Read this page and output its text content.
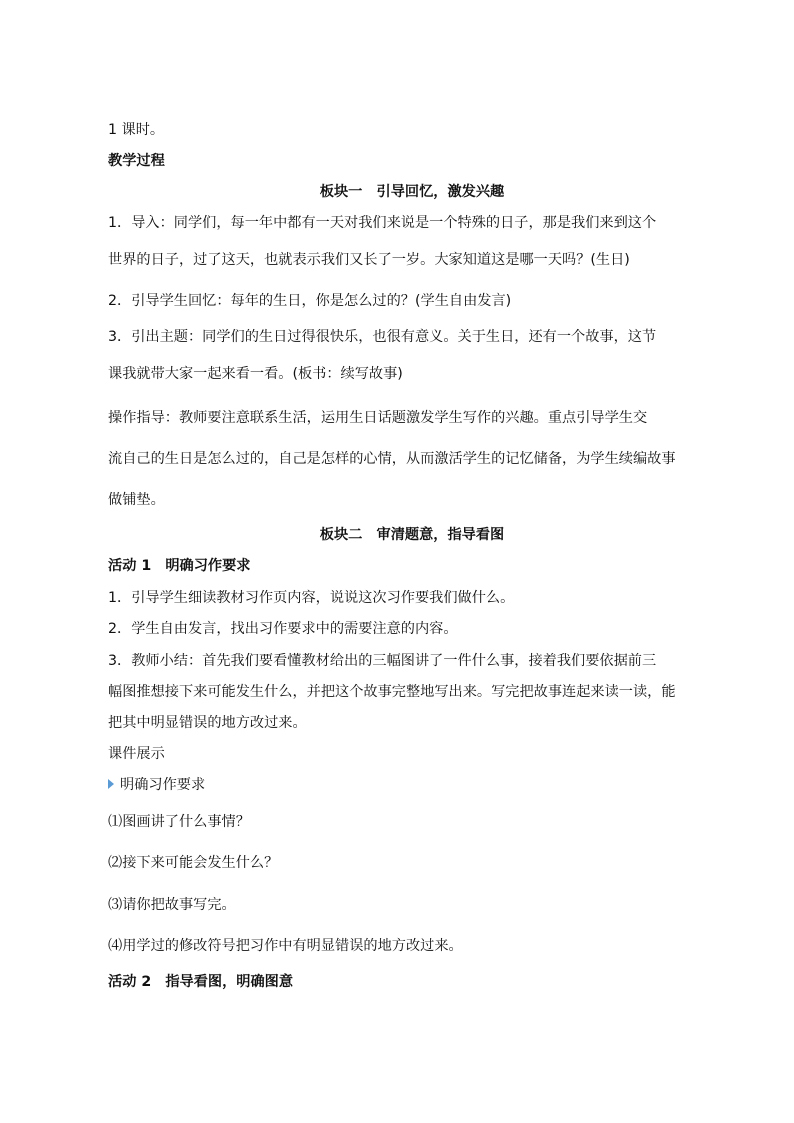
1 课时。
教学过程
板块一　引导回忆，激发兴趣
1．导入：同学们，每一年中都有一天对我们来说是一个特殊的日子，那是我们来到这个
世界的日子，过了这天，也就表示我们又长了一岁。大家知道这是哪一天吗？(生日)
2．引导学生回忆：每年的生日，你是怎么过的？(学生自由发言)
3．引出主题：同学们的生日过得很快乐，也很有意义。关于生日，还有一个故事，这节
课我就带大家一起来看一看。(板书：续写故事)
操作指导：教师要注意联系生活，运用生日话题激发学生写作的兴趣。重点引导学生交
流自己的生日是怎么过的，自己是怎样的心情，从而激活学生的记忆储备，为学生续编故事
做铺垫。
板块二　审清题意，指导看图
活动 1　明确习作要求
1．引导学生细读教材习作页内容，说说这次习作要我们做什么。
2．学生自由发言，找出习作要求中的需要注意的内容。
3．教师小结：首先我们要看懂教材给出的三幅图讲了一件什么事，接着我们要依据前三
幅图推想接下来可能发生什么，并把这个故事完整地写出来。写完把故事连起来读一读，能
把其中明显错误的地方改过来。
课件展示
明确习作要求
⑴图画讲了什么事情？
⑵接下来可能会发生什么？
⑶请你把故事写完。
⑷用学过的修改符号把习作中有明显错误的地方改过来。
活动 2　指导看图，明确图意
